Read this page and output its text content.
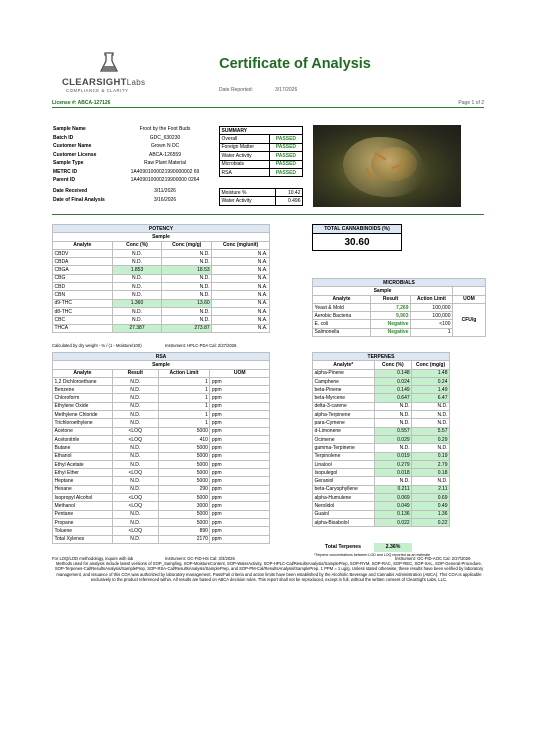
CLEARSIGHTLabs
COMPLIANCE & CLARITY
Certificate of Analysis
Date Reported:	3/17/2026
License #: ABCA-127126	Page 1 of 2
Sample Name	Froot by the Foot Buds
Batch ID	GDC_630230
Customer Name	Grown N DC
Customer License	ABCA-126559
Sample Type	Raw Plant Material
METRC ID	1A40901000021990000002 69
Parent ID	1A409010000219900000 0264
Date Received	3/11/2026
Date of Final Analysis	3/16/2026
SUMMARY	
Overall	PASSED
Foreign Matter	PASSED
Water Activity	PASSED
Microbials	PASSED
RSA	PASSED
Moisture %	10.42
Water Activity	0.496
POTENCY			
Sample			
Analyte	Conc (%)	Conc (mg/g)	Conc (mg/unit)
CBDV	N.D.	N.D.	N.A.
CBDA	N.D.	N.D.	N.A.
CBGA	1.853	18.53	N.A.
CBG	N.D.	N.D.	N.A.
CBD	N.D.	N.D.	N.A.
CBN	N.D.	N.D.	N.A.
d9-THC	1.360	13.60	N.A.
d8-THC	N.D.	N.D.	N.A.
CBC	N.D.	N.D.	N.A.
THCA	27.387	273.87	N.A.
Calculated by dry weight - % / (1 - Moisture/100)	Instrument: HPLC-PDA Cal: 2/27/2026
TOTAL CANNABINOIDS (%)
30.60
MICROBIALS			
Sample			
Analyte	Result	Action Limit	UOM
Yeast & Mold	7,269	100,000	CFU/g
Aerobic Bacteria	9,903	100,000	
E. coli	Negative	<100	
Salmonella	Negative	1	
RSA			
Sample			
Analyte	Result	Action Limit	UOM
1,2 Dichloroethane	N.D.	1	ppm
Benzene	N.D.	1	ppm
Chloroform	N.D.	1	ppm
Ethylene Oxide	N.D.	1	ppm
Methylene Chloride	N.D.	1	ppm
Trichloroethylene	N.D.	1	ppm
Acetone	<LOQ	5000	ppm
Acetonitrile	<LOQ	410	ppm
Butane	N.D.	5000	ppm
Ethanol	N.D.	5000	ppm
Ethyl Acetate	N.D.	5000	ppm
Ethyl Ether	<LOQ	5000	ppm
Heptane	N.D.	5000	ppm
Hexane	N.D.	290	ppm
Isopropyl Alcohol	<LOQ	5000	ppm
Methanol	<LOQ	3000	ppm
Pentane	N.D.	5000	ppm
Propane	N.D.	5000	ppm
Toluene	<LOQ	890	ppm
Total Xylenes	N.D.	2170	ppm
For LOQ/LOD methodology, inquire with lab	Instrument: GC-FID-HS Cal: 3/3/2026
TERPENES		
Analyte*	Conc (%)	Conc (mg/g)
alpha-Pinene	0.148	1.48
Camphene	0.024	0.24
beta-Pinene	0.149	1.49
beta-Myrcene	0.647	6.47
delta-3-carene	N.D.	N.D.
alpha-Terpinene	N.D.	N.D.
para-Cymene	N.D.	N.D.
d-Limonene	0.557	5.57
Ocimene	0.029	0.29
gamma-Terpinene	N.D.	N.D.
Terpinolene	0.019	0.19
Linalool	0.279	2.79
Isopulegol	0.018	0.18
Geraniol	N.D.	N.D.
beta-Caryophyllene	0.211	2.11
alpha-Humulene	0.069	0.69
Nerolidol	0.049	0.49
Guaiol	0.136	1.36
alpha-Bisabolol	0.022	0.22
Total Terpenes	2.36%	
*Terpene concentrations between LOD and LOQ reported as an estimate
Instrument: GC-FID-AOC Cal: 2/27/2026
Methods used for analysis include latest versions of SOP_Sampling, SOP-MoistureContent, SOP-WaterActivity, SOP-HPLC-Cal/ResultsAnalysis/SamplePrep, SOP-RYM, SOP-RAC, SOP-REC, SOP-SAL, SOP-General-Procedure, SOP-Terpenes-Cal/ResultsAnalysis/SamplePrep, SOP-RSA-Cal/ResultsAnalysis/SamplePrep, and SOP-PM-Cal/ResultsAnalysis/SamplePrep. 1 PPM = 1 ug/g. Unless stated otherwise, these results have been verified by laboratory management, and issuance of this COA was authorized by laboratory management. Pass/Fail criteria and action limits have been established by the Alcoholic Beverage and Cannabis Administration (ABCA). This COA is applicable exclusively to the product referenced within. All results are based on ABCA decision rules. This report shall not be reproduced, except in full, without the written consent of ClearSight Labs, LLC.
